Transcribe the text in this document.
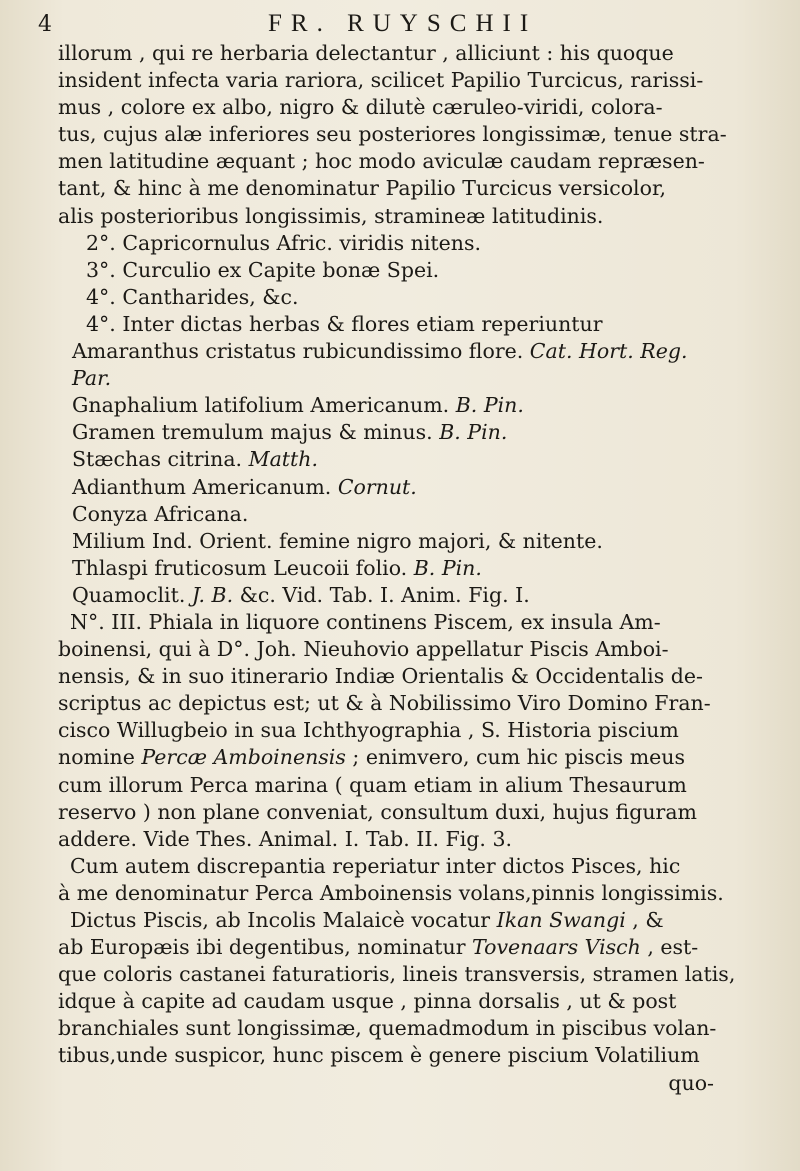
4	FR. RUYSCHII
illorum , qui re herbaria delectantur , alliciunt : his quoque
insident infecta varia rariora, scilicet Papilio Turcicus, rarissi-
mus , colore ex albo, nigro & dilutè cæruleo-viridi, colora-
tus, cujus alæ inferiores seu posteriores longissimæ, tenue stra-
men latitudine æquant ; hoc modo aviculæ caudam repræsen-
tant, & hinc à me denominatur Papilio Turcicus versicolor,
alis posterioribus longissimis, stramineæ latitudinis.
2°. Capricornulus Afric. viridis nitens.
3°. Curculio ex Capite bonæ Spei.
4°. Cantharides, &c.
4°. Inter dictas herbas & flores etiam reperiuntur
Amaranthus cristatus rubicundissimo flore. Cat. Hort. Reg.
Par.
Gnaphalium latifolium Americanum. B. Pin.
Gramen tremulum majus & minus. B. Pin.
Stæchas citrina. Matth.
Adianthum Americanum. Cornut.
Conyza Africana.
Milium Ind. Orient. femine nigro majori, & nitente.
Thlaspi fruticosum Leucoii folio. B. Pin.
Quamoclit. J. B. &c. Vid. Tab. I. Anim. Fig. I.
N°. III. Phiala in liquore continens Piscem, ex insula Am-
boinensi, qui à D°. Joh. Nieuhovio appellatur Piscis Amboi-
nensis, & in suo itinerario Indiæ Orientalis & Occidentalis de-
scriptus ac depictus est; ut & à Nobilissimo Viro Domino Fran-
cisco Willugbeio in sua Ichthyographia , S. Historia piscium
nomine Percæ Amboinensis ; enimvero, cum hic piscis meus
cum illorum Perca marina ( quam etiam in alium Thesaurum
reservo ) non plane conveniat, consultum duxi, hujus figuram
addere. Vide Thes. Animal. I. Tab. II. Fig. 3.
Cum autem discrepantia reperiatur inter dictos Pisces, hic
à me denominatur Perca Amboinensis volans,pinnis longissimis.
Dictus Piscis, ab Incolis Malaicè vocatur Ikan Swangi , &
ab Europæis ibi degentibus, nominatur Tovenaars Visch , est-
que coloris castanei faturatioris, lineis transversis, stramen latis,
idque à capite ad caudam usque , pinna dorsalis , ut & post
branchiales sunt longissimæ, quemadmodum in piscibus volan-
tibus,unde suspicor, hunc piscem è genere piscium Volatilium
quo-
